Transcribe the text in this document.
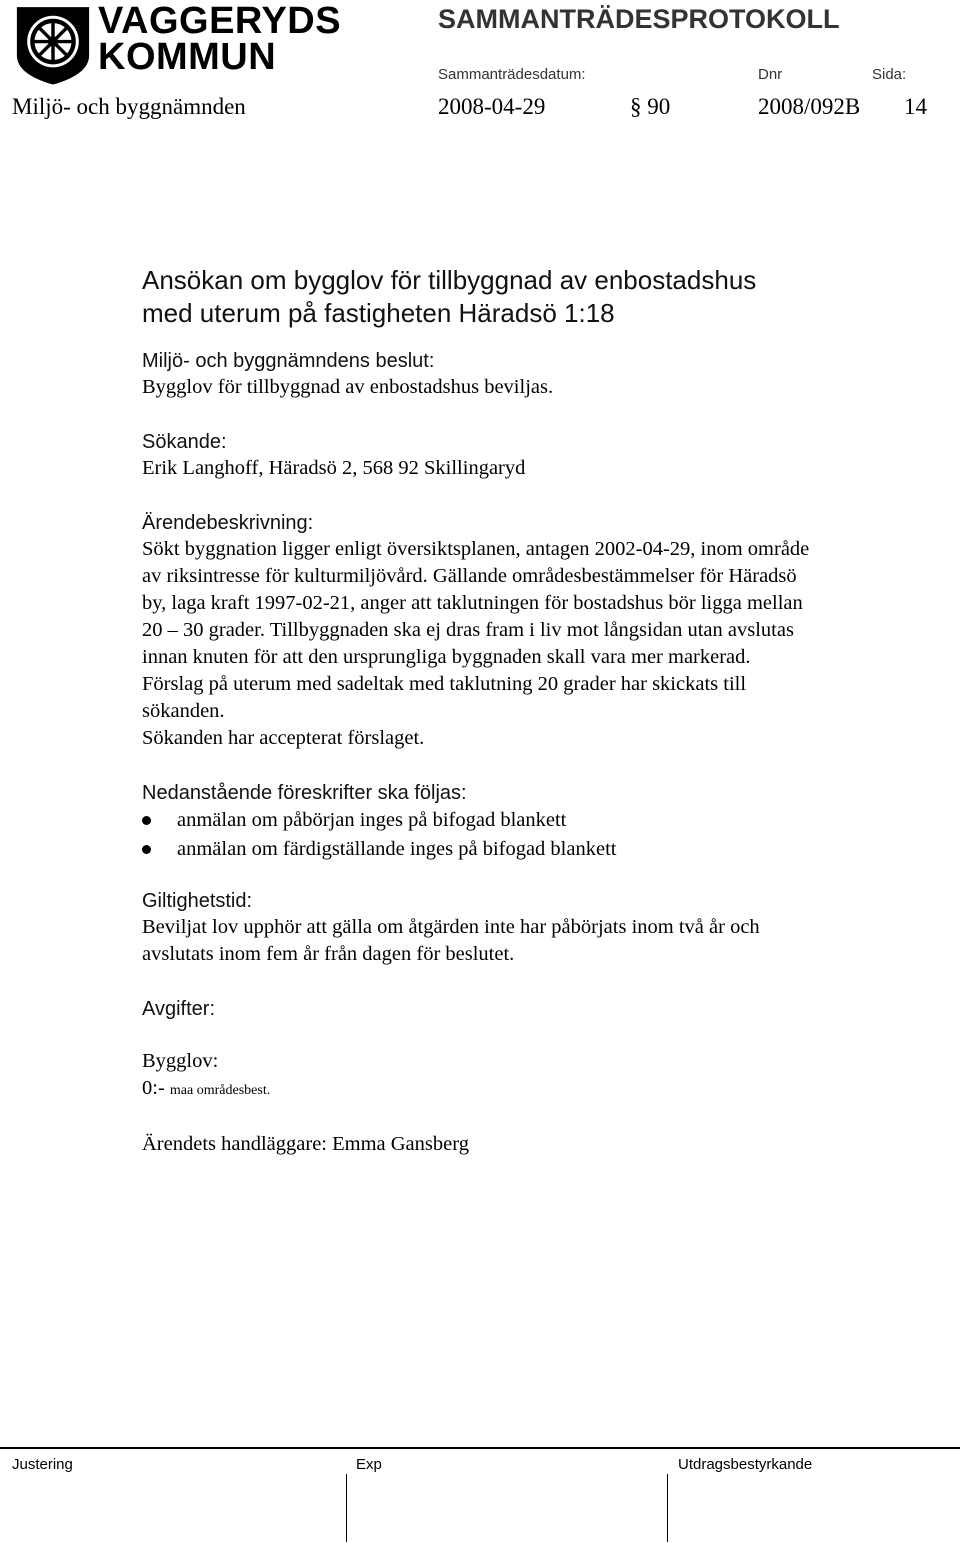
VAGGERYDS
KOMMUN
SAMMANTRÄDESPROTOKOLL
Sammanträdesdatum:	Dnr	Sida:
Miljö- och byggnämnden	2008-04-29	§ 90	2008/092B 14
Ansökan om bygglov för tillbyggnad av enbostadshus
med uterum på fastigheten Häradsö 1:18
Miljö- och byggnämndens beslut:
Bygglov för tillbyggnad av enbostadshus beviljas.
Sökande:
Erik Langhoff, Häradsö 2, 568 92 Skillingaryd
Ärendebeskrivning:
Sökt byggnation ligger enligt översiktsplanen, antagen 2002-04-29, inom område
av riksintresse för kulturmiljövård. Gällande områdesbestämmelser för Häradsö
by, laga kraft 1997-02-21, anger att taklutningen för bostadshus bör ligga mellan
20 – 30 grader. Tillbyggnaden ska ej dras fram i liv mot långsidan utan avslutas
innan knuten för att den ursprungliga byggnaden skall vara mer markerad.
Förslag på uterum med sadeltak med taklutning 20 grader har skickats till
sökanden.
Sökanden har accepterat förslaget.
Nedanstående föreskrifter ska följas:
anmälan om påbörjan inges på bifogad blankett
anmälan om färdigställande inges på bifogad blankett
Giltighetstid:
Beviljat lov upphör att gälla om åtgärden inte har påbörjats inom två år och
avslutats inom fem år från dagen för beslutet.
Avgifter:
Bygglov:
0:- maa områdesbest.
Ärendets handläggare: Emma Gansberg
Justering	Exp	Utdragsbestyrkande
